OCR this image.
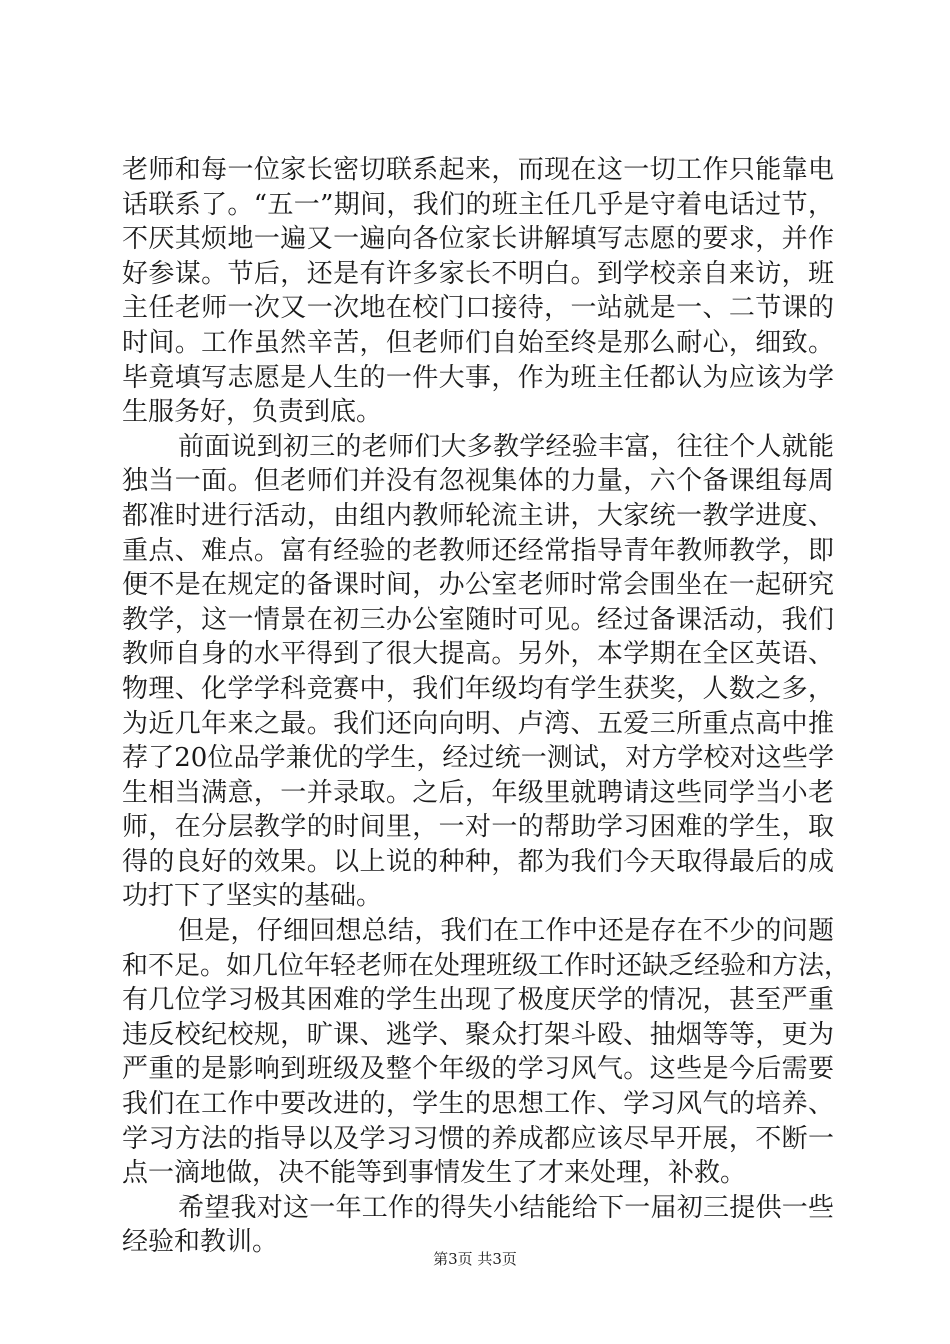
老师和每一位家长密切联系起来，而现在这一切工作只能靠电
话联系了。“五一”期间，我们的班主任几乎是守着电话过节，
不厌其烦地一遍又一遍向各位家长讲解填写志愿的要求，并作
好参谋。节后，还是有许多家长不明白。到学校亲自来访，班
主任老师一次又一次地在校门口接待，一站就是一、二节课的
时间。工作虽然辛苦，但老师们自始至终是那么耐心，细致。
毕竟填写志愿是人生的一件大事，作为班主任都认为应该为学
生服务好，负责到底。
前面说到初三的老师们大多教学经验丰富，往往个人就能
独当一面。但老师们并没有忽视集体的力量，六个备课组每周
都准时进行活动，由组内教师轮流主讲，大家统一教学进度、
重点、难点。富有经验的老教师还经常指导青年教师教学，即
便不是在规定的备课时间，办公室老师时常会围坐在一起研究
教学，这一情景在初三办公室随时可见。经过备课活动，我们
教师自身的水平得到了很大提高。另外，本学期在全区英语、
物理、化学学科竞赛中，我们年级均有学生获奖，人数之多，
为近几年来之最。我们还向向明、卢湾、五爱三所重点高中推
荐了20位品学兼优的学生，经过统一测试，对方学校对这些学
生相当满意，一并录取。之后，年级里就聘请这些同学当小老
师，在分层教学的时间里，一对一的帮助学习困难的学生，取
得的良好的效果。以上说的种种，都为我们今天取得最后的成
功打下了坚实的基础。
但是，仔细回想总结，我们在工作中还是存在不少的问题
和不足。如几位年轻老师在处理班级工作时还缺乏经验和方法，
有几位学习极其困难的学生出现了极度厌学的情况，甚至严重
违反校纪校规，旷课、逃学、聚众打架斗殴、抽烟等等，更为
严重的是影响到班级及整个年级的学习风气。这些是今后需要
我们在工作中要改进的，学生的思想工作、学习风气的培养、
学习方法的指导以及学习习惯的养成都应该尽早开展，不断一
点一滴地做，决不能等到事情发生了才来处理，补救。
希望我对这一年工作的得失小结能给下一届初三提供一些
经验和教训。
第3页 共3页
